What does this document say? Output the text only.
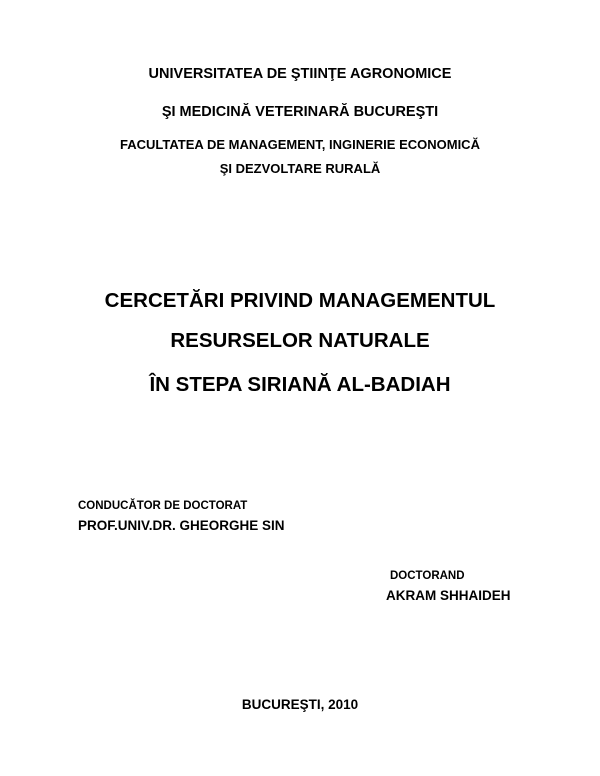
UNIVERSITATEA DE ŞTIINŢE AGRONOMICE
ŞI MEDICINĂ VETERINARĂ BUCUREŞTI
FACULTATEA DE MANAGEMENT, INGINERIE ECONOMICĂ
ŞI DEZVOLTARE RURALĂ
CERCETĂRI PRIVIND MANAGEMENTUL
RESURSELOR NATURALE
ÎN STEPA SIRIANĂ AL-BADIAH
CONDUCĂTOR DE DOCTORAT
PROF.UNIV.DR. GHEORGHE SIN
DOCTORAND
AKRAM SHHAIDEH
BUCUREŞTI, 2010
